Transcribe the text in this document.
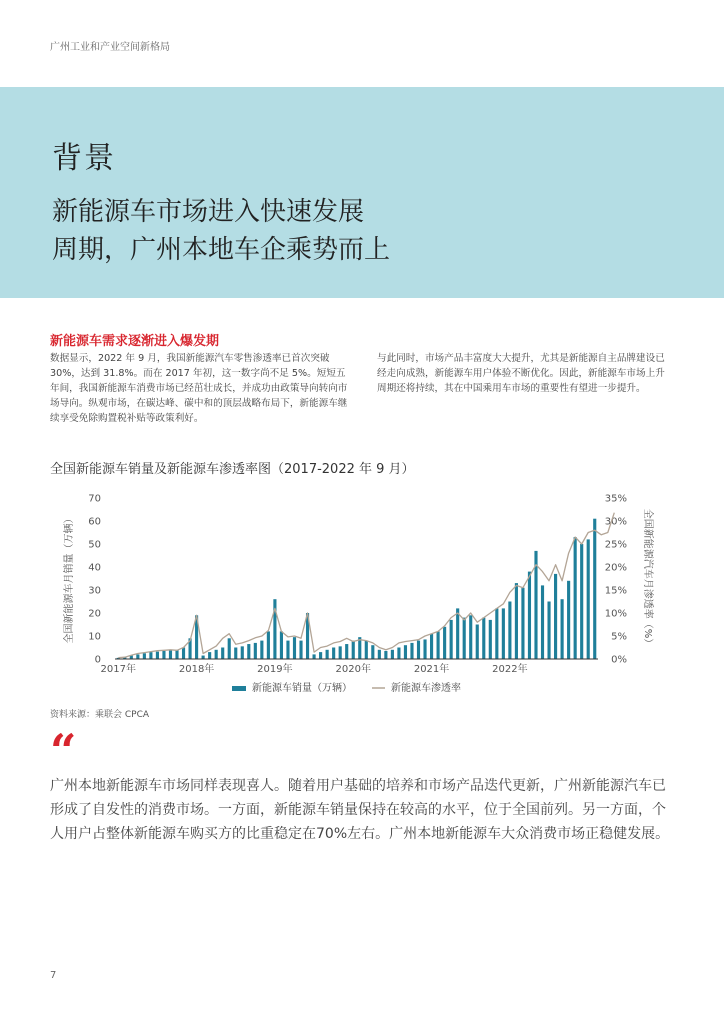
广州工业和产业空间新格局
背景
新能源车市场进入快速发展
周期，广州本地车企乘势而上
新能源车需求逐渐进入爆发期
数据显示，2022 年 9 月，我国新能源汽车零售渗透率已首次突破 30%，达到 31.8%。而在 2017 年初，这一数字尚不足 5%。短短五年间，我国新能源车消费市场已经茁壮成长，并成功由政策导向转向市场导向。纵观市场，在碳达峰、碳中和的顶层战略布局下，新能源车继续享受免除购置税补贴等政策利好。
与此同时，市场产品丰富度大大提升，尤其是新能源自主品牌建设已经走向成熟，新能源车用户体验不断优化。因此，新能源车市场上升周期还将持续，其在中国乘用车市场的重要性有望进一步提升。
全国新能源车销量及新能源车渗透率图（2017-2022 年 9 月）
0
10
20
30
40
50
60
70
0%
5%
10%
15%
20%
25%
30%
35%
全国新能源车月销量（万辆）	全国新能源汽车月渗透率（%）
2017年	2018年	2019年	2020年	2021年	2022年
新能源车销量（万辆）	新能源车渗透率
资料来源：乘联会 CPCA
“
广州本地新能源车市场同样表现喜人。随着用户基础的培养和市场产品迭代更新，广州新能源汽车已形成了自发性的消费市场。一方面，新能源车销量保持在较高的水平，位于全国前列。另一方面，个人用户占整体新能源车购买方的比重稳定在70%左右。广州本地新能源车大众消费市场正稳健发展。
7
